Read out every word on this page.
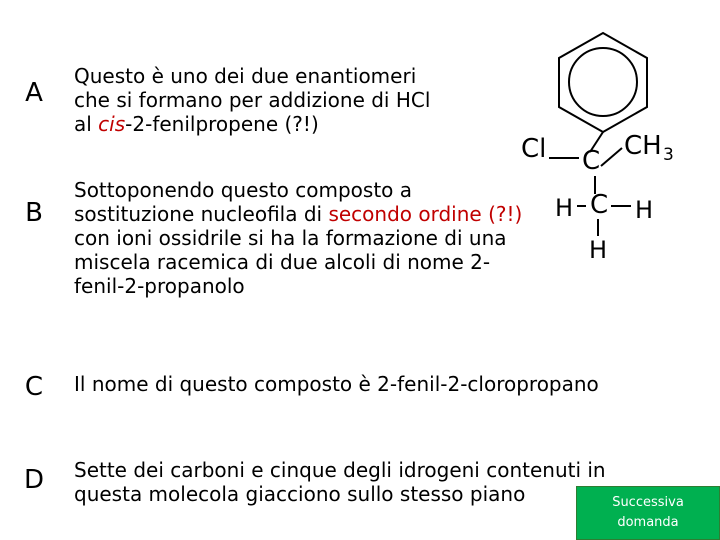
A

Questo è uno dei due enantiomeri

che si formano per addizione di HCl

al cis-2-fenilpropene (?!)

B

Sottoponendo questo composto a

sostituzione nucleofila di secondo ordine (?!)

con ioni ossidrile si ha la formazione di una

miscela racemica di due alcoli di nome 2-

fenil-2-propanolo

C	Il nome di questo composto è 2-fenil-2-cloropropano

D	Sette dei carboni e cinque degli idrogeni contenuti in

questa molecola giacciono sullo stesso piano

Cl C CH 3
H C H
H
Successiva
domanda
